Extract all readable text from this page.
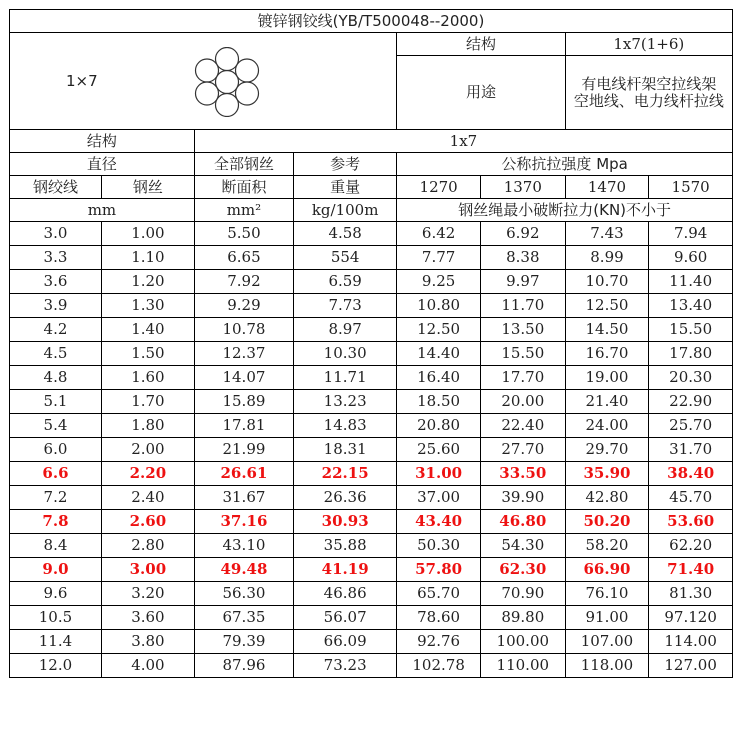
镀锌钢铰线(YB/T500048--2000)							

1×7				结构		1x7(1+6)	
				用途		有电线杆架空拉线架
空地线、电力线杆拉线	
结构		1x7					
直径		全部钢丝	参考	公称抗拉强度 Mpa			
钢绞线	钢丝	断面积	重量	1270	1370	1470	1570
mm		mm²	kg/100m	钢丝绳最小破断拉力(KN)不小于			
3.0	1.00	5.50	4.58	6.42	6.92	7.43	7.94
3.3	1.10	6.65	554	7.77	8.38	8.99	9.60
3.6	1.20	7.92	6.59	9.25	9.97	10.70	11.40
3.9	1.30	9.29	7.73	10.80	11.70	12.50	13.40
4.2	1.40	10.78	8.97	12.50	13.50	14.50	15.50
4.5	1.50	12.37	10.30	14.40	15.50	16.70	17.80
4.8	1.60	14.07	11.71	16.40	17.70	19.00	20.30
5.1	1.70	15.89	13.23	18.50	20.00	21.40	22.90
5.4	1.80	17.81	14.83	20.80	22.40	24.00	25.70
6.0	2.00	21.99	18.31	25.60	27.70	29.70	31.70
6.6	2.20	26.61	22.15	31.00	33.50	35.90	38.40
7.2	2.40	31.67	26.36	37.00	39.90	42.80	45.70
7.8	2.60	37.16	30.93	43.40	46.80	50.20	53.60
8.4	2.80	43.10	35.88	50.30	54.30	58.20	62.20
9.0	3.00	49.48	41.19	57.80	62.30	66.90	71.40
9.6	3.20	56.30	46.86	65.70	70.90	76.10	81.30
10.5	3.60	67.35	56.07	78.60	89.80	91.00	97.120
11.4	3.80	79.39	66.09	92.76	100.00	107.00	114.00
12.0	4.00	87.96	73.23	102.78	110.00	118.00	127.00
